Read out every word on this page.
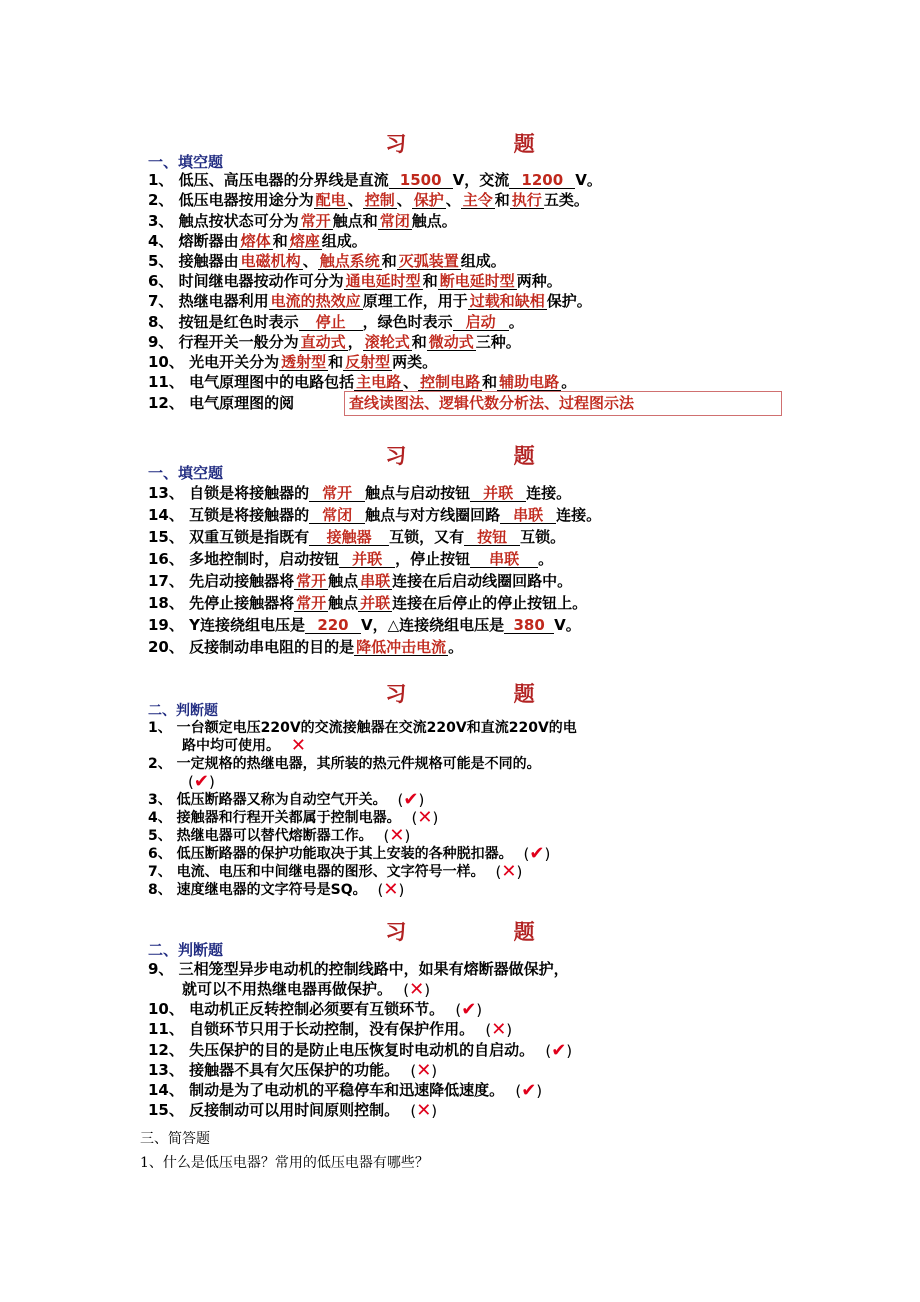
习 题
一、填空题
1、 低压、高压电器的分界线是直流 1500 V，交流 1200 V。
2、 低压电器按用途分为 配电 、 控制 、 保护 、 主令 和 执行 五类。
3、 触点按状态可分为 常开 触点和 常闭 触点。
4、 熔断器由 熔体 和 熔座 组成。
5、 接触器由 电磁机构 、 触点系统 和 灭弧装置 组成。
6、 时间继电器按动作可分为 通电延时型 和 断电延时型 两种。
7、 热继电器利用 电流的热效应 原理工作，用于 过载和缺相 保护。
8、 按钮是红色时表示 停止 ，绿色时表示 启动 。
9、 行程开关一般分为 直动式 ， 滚轮式 和 微动式 三种。
10、 光电开关分为 透射型 和 反射型 两类。
11、 电气原理图中的电路包括 主电路 、 控制电路 和 辅助电路 。
12、 电气原理图的阅	查线读图法、逻辑代数分析法、过程图示法
习 题
一、填空题
13、 自锁是将接触器的 常开 触点与启动按钮 并联 连接。
14、 互锁是将接触器的 常闭 触点与对方线圈回路 串联 连接。
15、 双重互锁是指既有 接触器 互锁，又有 按钮 互锁。
16、 多地控制时，启动按钮 并联 ，停止按钮 串联 。
17、 先启动接触器将 常开 触点 串联 连接在后启动线圈回路中。
18、 先停止接触器将 常开 触点 并联 连接在后停止的停止按钮上。
19、 Y连接绕组电压是 220 V，△连接绕组电压是 380 V。
20、 反接制动串电阻的目的是 降低冲击电流 。
习 题
二、判断题
1、 一台额定电压220V的交流接触器在交流220V和直流220V的电
路中均可使用。 ✕
2、 一定规格的热继电器，其所装的热元件规格可能是不同的。
(✔)
3、 低压断路器又称为自动空气开关。 (✔)
4、 接触器和行程开关都属于控制电器。 (✕)
5、 热继电器可以替代熔断器工作。 (✕)
6、 低压断路器的保护功能取决于其上安装的各种脱扣器。 (✔)
7、 电流、电压和中间继电器的图形、文字符号一样。 (✕)
8、 速度继电器的文字符号是SQ。 (✕)
习 题
二、判断题
9、 三相笼型异步电动机的控制线路中，如果有熔断器做保护，
就可以不用热继电器再做保护。 (✕)
10、 电动机正反转控制必须要有互锁环节。 (✔)
11、 自锁环节只用于长动控制，没有保护作用。 (✕)
12、 失压保护的目的是防止电压恢复时电动机的自启动。 (✔)
13、 接触器不具有欠压保护的功能。 (✕)
14、 制动是为了电动机的平稳停车和迅速降低速度。 (✔)
15、 反接制动可以用时间原则控制。 (✕)
三、简答题
1、什么是低压电器？常用的低压电器有哪些？
